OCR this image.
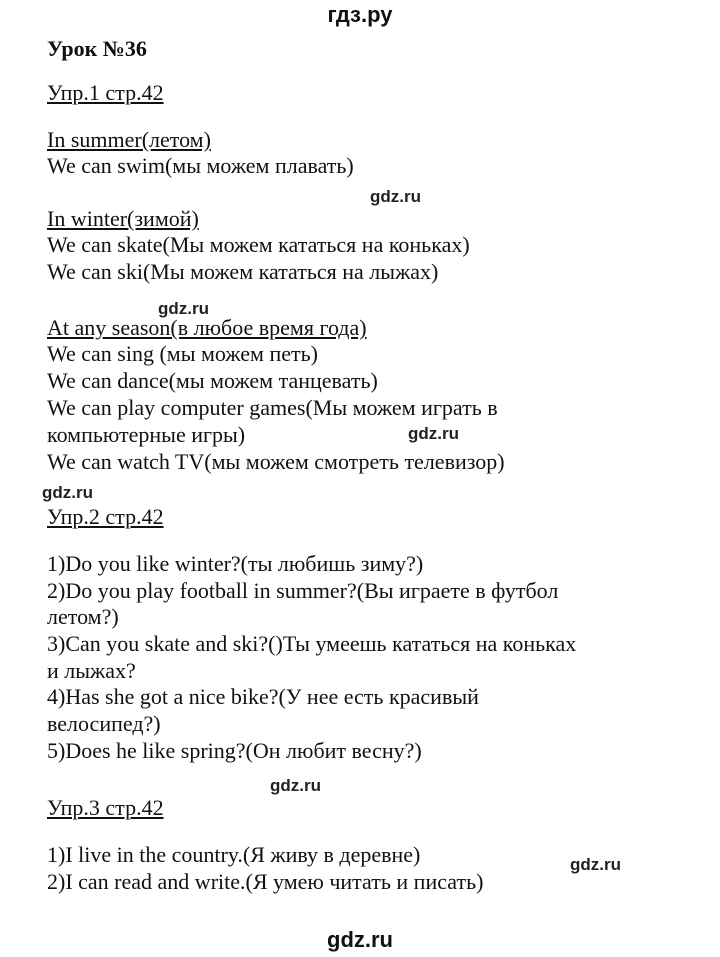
гдз.ру
Урок №36
Упр.1 стр.42
In summer(летом)
We can swim(мы можем плавать)
gdz.ru
In winter(зимой)
We can skate(Мы можем кататься на коньках)
We can ski(Мы можем кататься на лыжах)
gdz.ru
At any season(в любое время года)
We can sing (мы можем петь)
We can dance(мы можем танцевать)
We can play computer games(Мы можем играть в
компьютерные игры)	gdz.ru
We can watch TV(мы можем смотреть телевизор)
gdz.ru
Упр.2 стр.42
1)Do you like winter?(ты любишь зиму?)
2)Do you play football in summer?(Вы играете в футбол
летом?)
3)Can you skate and ski?()Ты умеешь кататься на коньках
и лыжах?
4)Has she got a nice bike?(У нее есть красивый
велосипед?)
5)Does he like spring?(Он любит весну?)
gdz.ru
Упр.3 стр.42
1)I live in the country.(Я живу в деревне)	gdz.ru
2)I can read and write.(Я умею читать и писать)
gdz.ru
